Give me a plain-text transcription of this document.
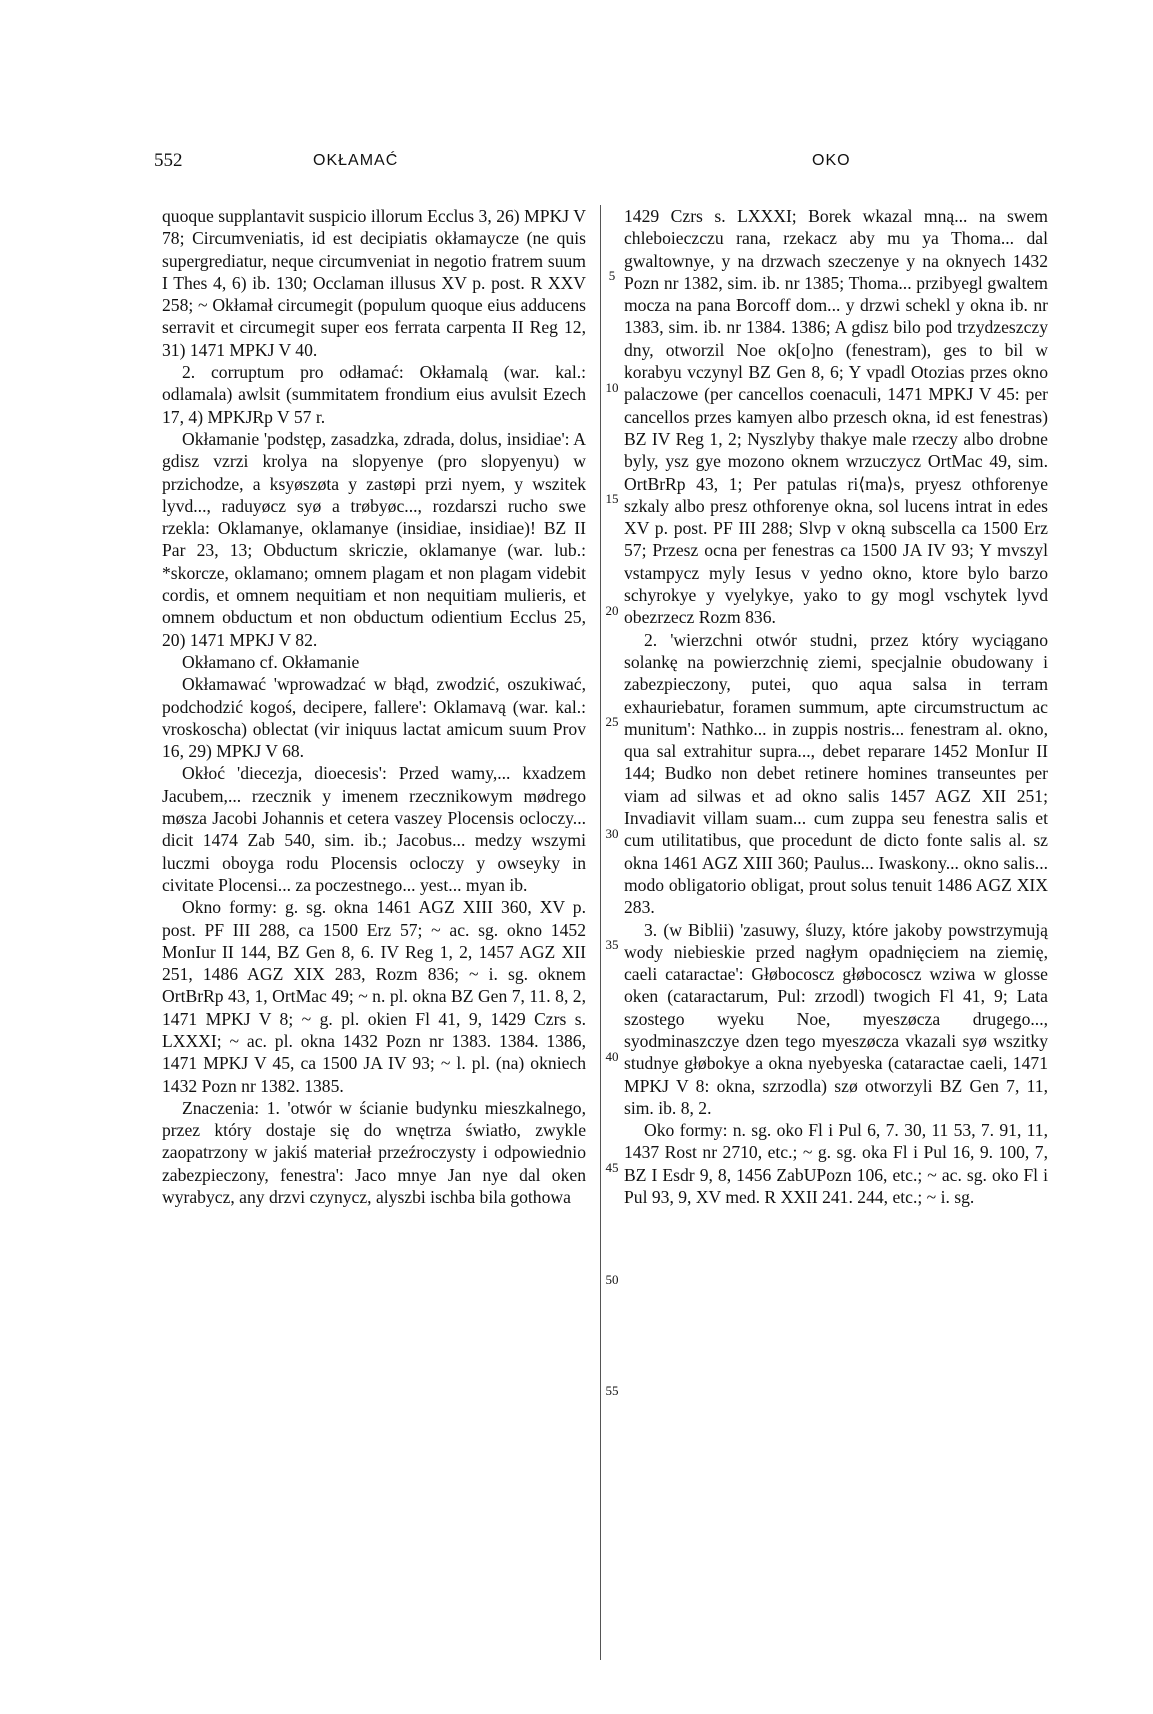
552	OKŁAMAĆ	OKO
5
10
15
20
25
30
35
40
45
50
55

quoque supplantavit suspicio illorum Ecclus 3, 26) MPKJ V 78; Circumveniatis, id est decipiatis okłamaycze (ne quis supergrediatur, neque circumveniat in negotio fratrem suum I Thes 4, 6) ib. 130; Occlaman illusus XV p. post. R XXV 258; ~ Okłamał circumegit (populum quoque eius adducens serravit et circumegit super eos ferrata carpenta II Reg 12, 31) 1471 MPKJ V 40.

2. corruptum pro odłamać: Okłamalą (war. kal.: odlamala) awlsit (summitatem frondium eius avulsit Ezech 17, 4) MPKJRp V 57 r.

Okłamanie 'podstęp, zasadzka, zdrada, dolus, insidiae': A gdisz vzrzi krolya na slopyenye (pro slopyenyu) w przichodze, a ksyøszøta y zastøpi przi nyem, y wszitek lyvd..., raduyøcz syø a trøbyøc..., rozdarszi rucho swe rzekla: Oklamanye, oklamanye (insidiae, insidiae)! BZ II Par 23, 13; Obductum skriczie, oklamanye (war. lub.: *skorcze, oklamano; omnem plagam et non plagam videbit cordis, et omnem nequitiam et non nequitiam mulieris, et omnem obductum et non obductum odientium Ecclus 25, 20) 1471 MPKJ V 82.

Okłamano cf. Okłamanie

Okłamawać 'wprowadzać w błąd, zwodzić, oszukiwać, podchodzić kogoś, decipere, fallere': Oklamavą (war. kal.: vroskoscha) oblectat (vir iniquus lactat amicum suum Prov 16, 29) MPKJ V 68.

Okłoć 'diecezja, dioecesis': Przed wamy,... kxadzem Jacubem,... rzecznik y imenem rzecznikowym mødrego møsza Jacobi Johannis et cetera vaszey Plocensis ocloczy... dicit 1474 Zab 540, sim. ib.; Jacobus... medzy wszymi luczmi oboyga rodu Plocensis ocloczy y owseyky in civitate Plocensi... za poczestnego... yest... myan ib.

Okno formy: g. sg. okna 1461 AGZ XIII 360, XV p. post. PF III 288, ca 1500 Erz 57; ~ ac. sg. okno 1452 MonIur II 144, BZ Gen 8, 6. IV Reg 1, 2, 1457 AGZ XII 251, 1486 AGZ XIX 283, Rozm 836; ~ i. sg. oknem OrtBrRp 43, 1, OrtMac 49; ~ n. pl. okna BZ Gen 7, 11. 8, 2, 1471 MPKJ V 8; ~ g. pl. okien Fl 41, 9, 1429 Czrs s. LXXXI; ~ ac. pl. okna 1432 Pozn nr 1383. 1384. 1386, 1471 MPKJ V 45, ca 1500 JA IV 93; ~ l. pl. (na) okniech 1432 Pozn nr 1382. 1385.

Znaczenia: 1. 'otwór w ścianie budynku mieszkalnego, przez który dostaje się do wnętrza światło, zwykle zaopatrzony w jakiś materiał przeźroczysty i odpowiednio zabezpieczony, fenestra': Jaco mnye Jan nye dal oken wyrabycz, any drzvi czynycz, alyszbi ischba bila gothowa

1429 Czrs s. LXXXI; Borek wkazal mną... na swem chleboieczczu rana, rzekacz aby mu ya Thoma... dal gwaltownye, y na drzwach szeczenye y na oknyech 1432 Pozn nr 1382, sim. ib. nr 1385; Thoma... przibyegl gwaltem mocza na pana Borcoff dom... y drzwi schekl y okna ib. nr 1383, sim. ib. nr 1384. 1386; A gdisz bilo pod trzydzeszczy dny, otworzil Noe ok[o]no (fenestram), ges to bil w korabyu vczynyl BZ Gen 8, 6; Y vpadl Otozias przes okno palaczowe (per cancellos coenaculi, 1471 MPKJ V 45: per cancellos przes kamyen albo przesch okna, id est fenestras) BZ IV Reg 1, 2; Nyszlyby thakye male rzeczy albo drobne byly, ysz gye mozono oknem wrzuczycz OrtMac 49, sim. OrtBrRp 43, 1; Per patulas ri⟨ma⟩s, pryesz othforenye szkaly albo presz othforenye okna, sol lucens intrat in edes XV p. post. PF III 288; Slvp v okną subscella ca 1500 Erz 57; Przesz ocna per fenestras ca 1500 JA IV 93; Y mvszyl vstampycz myly Iesus v yedno okno, ktore bylo barzo schyrokye y vyelykye, yako to gy mogl vschytek lyvd obezrzecz Rozm 836.

2. 'wierzchni otwór studni, przez który wyciągano solankę na powierzchnię ziemi, specjalnie obudowany i zabezpieczony, putei, quo aqua salsa in terram exhauriebatur, foramen summum, apte circumstructum ac munitum': Nathko... in zuppis nostris... fenestram al. okno, qua sal extrahitur supra..., debet reparare 1452 MonIur II 144; Budko non debet retinere homines transeuntes per viam ad silwas et ad okno salis 1457 AGZ XII 251; Invadiavit villam suam... cum zuppa seu fenestra salis et cum utilitatibus, que procedunt de dicto fonte salis al. sz okna 1461 AGZ XIII 360; Paulus... Iwaskony... okno salis... modo obligatorio obligat, prout solus tenuit 1486 AGZ XIX 283.

3. (w Biblii) 'zasuwy, śluzy, które jakoby powstrzymują wody niebieskie przed nagłym opadnięciem na ziemię, caeli cataractae': Głøbocoscz głøbocoscz wziwa w glosse oken (cataractarum, Pul: zrzodl) twogich Fl 41, 9; Lata szostego wyeku Noe, myeszøcza drugego..., syodminaszczye dzen tego myeszøcza vkazali syø wszitky studnye głøbokye a okna nyebyeska (cataractae caeli, 1471 MPKJ V 8: okna, szrzodla) szø otworzyli BZ Gen 7, 11, sim. ib. 8, 2.

Oko formy: n. sg. oko Fl i Pul 6, 7. 30, 11 53, 7. 91, 11, 1437 Rost nr 2710, etc.; ~ g. sg. oka Fl i Pul 16, 9. 100, 7, BZ I Esdr 9, 8, 1456 ZabUPozn 106, etc.; ~ ac. sg. oko Fl i Pul 93, 9, XV med. R XXII 241. 244, etc.; ~ i. sg.
